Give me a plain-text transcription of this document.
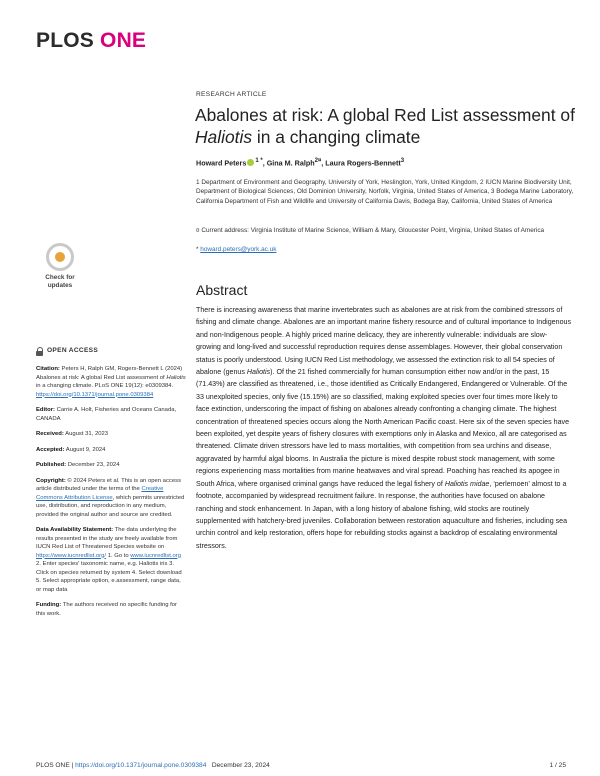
PLOS ONE
RESEARCH ARTICLE
Abalones at risk: A global Red List assessment of Haliotis in a changing climate
Howard Peters $^{1 *}$, Gina M. Ralph$^{2¤}$, Laura Rogers-Bennett$^3$
1 Department of Environment and Geography, University of York, Heslington, York, United Kingdom, 2 IUCN Marine Biodiversity Unit, Department of Biological Sciences, Old Dominion University, Norfolk, Virginia, United States of America, 3 Bodega Marine Laboratory, California Department of Fish and Wildlife and University of California Davis, Bodega Bay, California, United States of America
¤ Current address: Virginia Institute of Marine Science, William & Mary, Gloucester Point, Virginia, United States of America
* howard.peters@york.ac.uk
Check for
updates	Abstract
There is increasing awareness that marine invertebrates such as abalones are at risk from the combined stressors of fishing and climate change. Abalones are an important marine fishery resource and of cultural importance to Indigenous and non-Indigenous people. A highly priced marine delicacy, they are inherently vulnerable: individuals are slow-growing and long-lived and successful reproduction requires dense assemblages. However, their global conservation status is poorly understood. Using IUCN Red List methodology, we assessed the extinction risk to all 54 species of abalone (genus Haliotis). Of the 21 fished commercially for human consumption either now and/or in the past, 15 (71.43%) are classified as threatened, i.e., those identified as Critically Endangered, Endangered or Vulnerable. Of the 33 unexploited species, only five (15.15%) are so classified, making exploited species over four times more likely to face extinction, underscoring the impact of fishing on abalones already confronting a changing climate. The highest concentration of threatened species occurs along the North American Pacific coast. Here six of the seven species have been exploited, yet despite years of fishery closures with exemptions only in Alaska and Mexico, all are categorised as threatened. Climate driven stressors have led to mass mortalities, with competition from sea urchins and disease, aggravated by harmful algal blooms. In Australia the picture is mixed despite robust stock management, with some regions experiencing mass mortalities from marine heatwaves and viral spread. Poaching has reached its apogee in South Africa, where organised criminal gangs have reduced the legal fishery of Haliotis midae, ‘perlemoen’ almost to a footnote, accompanied by widespread recruitment failure. In response, the authorities have focused on abalone ranching and stock enhancement. In Japan, with a long history of abalone fishing, wild stocks are routinely supplemented with hatchery-bred juveniles. Collaboration between restoration aquaculture and fisheries, including sea urchin control and kelp restoration, offers hope for rebuilding stocks against a backdrop of escalating environmental stressors.
OPEN ACCESS

Citation: Peters H, Ralph GM, Rogers-Bennett L (2024) Abalones at risk: A global Red List assessment of Haliotis in a changing climate. PLoS ONE 19(12): e0309384. https://doi.org/10.1371/journal.pone.0309384

Editor: Carrie A. Holt, Fisheries and Oceans Canada, CANADA

Received: August 31, 2023

Accepted: August 9, 2024

Published: December 23, 2024

Copyright: © 2024 Peters et al. This is an open access article distributed under the terms of the Creative Commons Attribution License, which permits unrestricted use, distribution, and reproduction in any medium, provided the original author and source are credited.

Data Availability Statement: The data underlying the results presented in the study are freely available from IUCN Red List of Threatened Species website on https://www.iucnredlist.org/ 1. Go to www.iucnredlist.org 2. Enter species' taxonomic name, e.g. Haliotis iris 3. Click on species returned by system 4. Select download 5. Select appropriate option, e.assessment, range data, or map data

Funding: The authors received no specific funding for this work.

PLOS ONE | https://doi.org/10.1371/journal.pone.0309384 December 23, 2024	1 / 25
